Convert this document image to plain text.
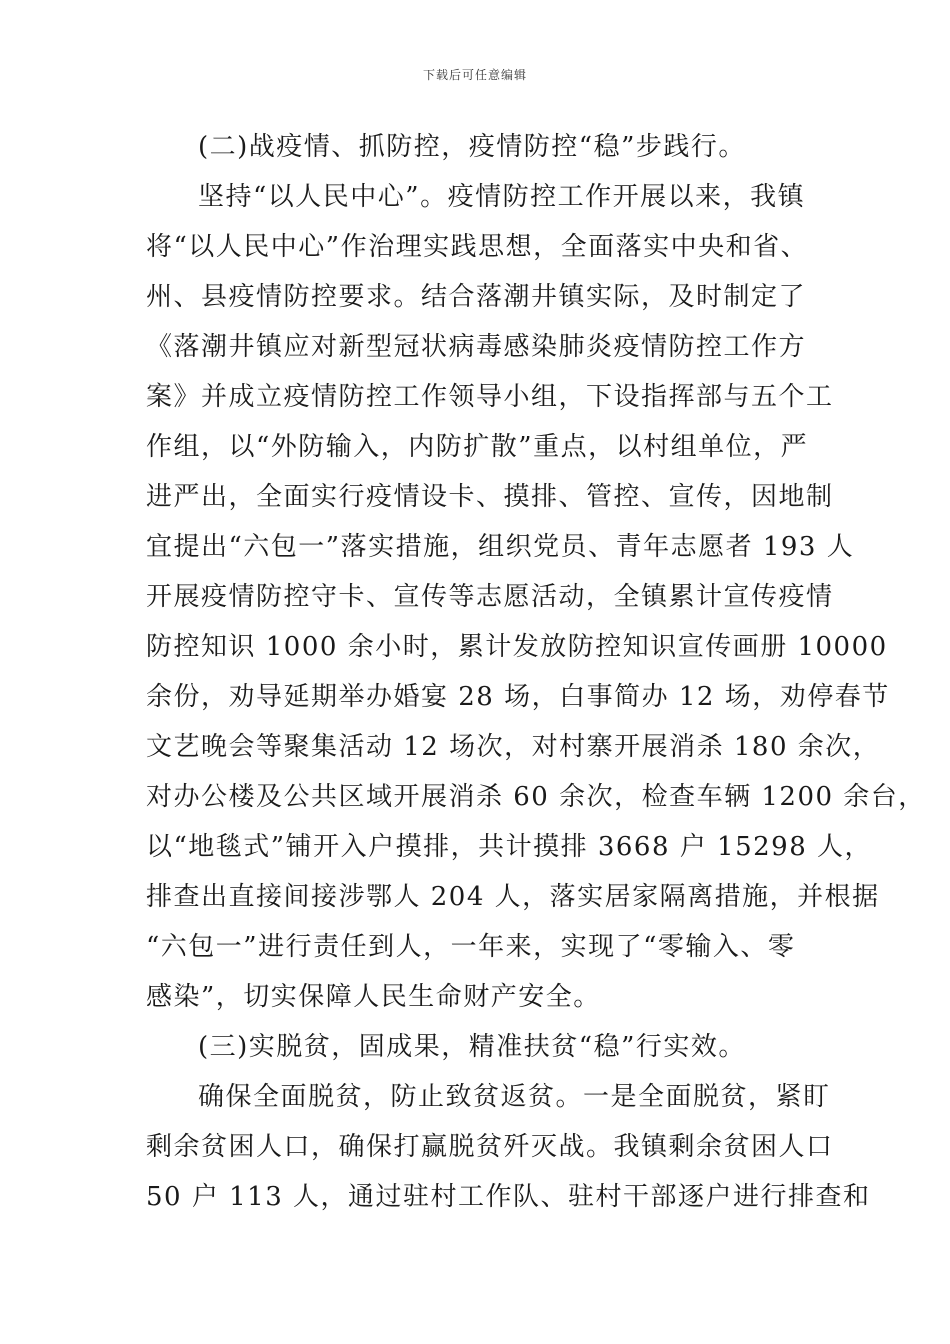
下载后可任意编辑
(二)战疫情、抓防控，疫情防控“稳”步践行。
坚持“以人民中心”。疫情防控工作开展以来，我镇
将“以人民中心”作治理实践思想，全面落实中央和省、
州、县疫情防控要求。结合落潮井镇实际，及时制定了
《落潮井镇应对新型冠状病毒感染肺炎疫情防控工作方
案》并成立疫情防控工作领导小组，下设指挥部与五个工
作组，以“外防输入，内防扩散”重点，以村组单位，严
进严出，全面实行疫情设卡、摸排、管控、宣传，因地制
宜提出“六包一”落实措施，组织党员、青年志愿者 193 人
开展疫情防控守卡、宣传等志愿活动，全镇累计宣传疫情
防控知识 1000 余小时，累计发放防控知识宣传画册 10000
余份，劝导延期举办婚宴 28 场，白事简办 12 场，劝停春节
文艺晚会等聚集活动 12 场次，对村寨开展消杀 180 余次，
对办公楼及公共区域开展消杀 60 余次，检查车辆 1200 余台，
以“地毯式”铺开入户摸排，共计摸排 3668 户 15298 人，
排查出直接间接涉鄂人 204 人，落实居家隔离措施，并根据
“六包一”进行责任到人，一年来，实现了“零输入、零
感染”，切实保障人民生命财产安全。
(三)实脱贫，固成果，精准扶贫“稳”行实效。
确保全面脱贫，防止致贫返贫。一是全面脱贫，紧盯
剩余贫困人口，确保打赢脱贫歼灭战。我镇剩余贫困人口
50 户 113 人，通过驻村工作队、驻村干部逐户进行排查和
